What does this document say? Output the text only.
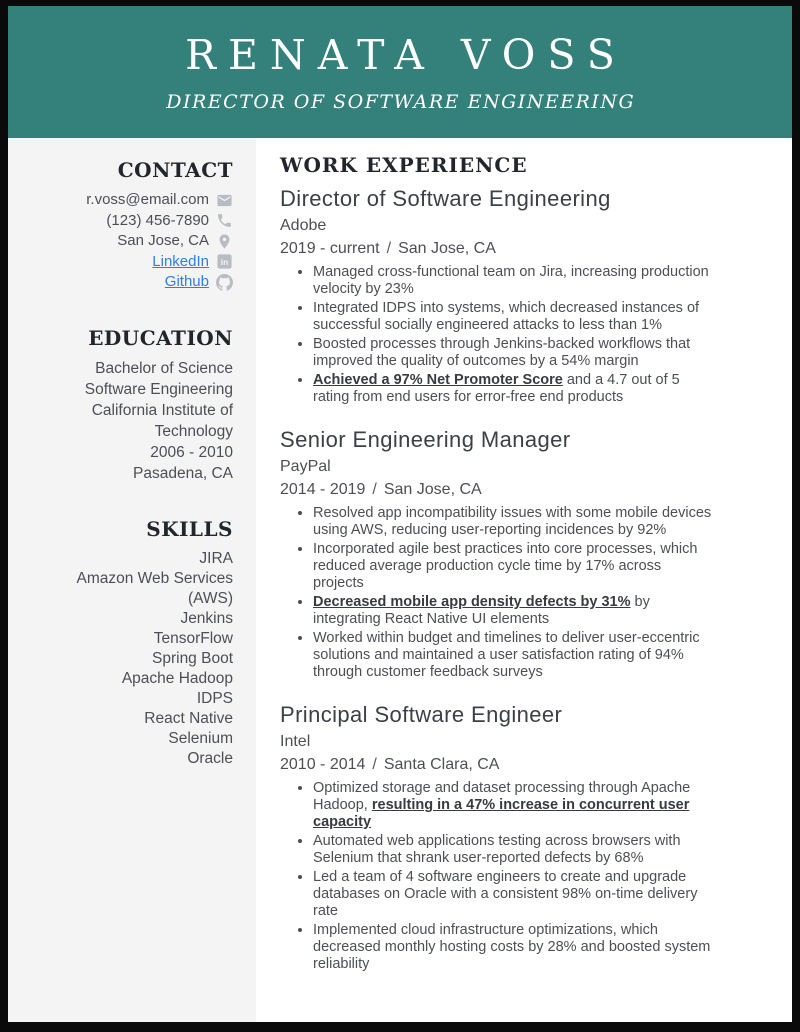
RENATA VOSS
DIRECTOR OF SOFTWARE ENGINEERING
CONTACT
r.voss@email.com
(123) 456-7890
San Jose, CA
LinkedIn in
Github
EDUCATION
Bachelor of Science
Software Engineering
California Institute of Technology
2006 - 2010
Pasadena, CA
SKILLS
JIRA
Amazon Web Services (AWS)
Jenkins
TensorFlow
Spring Boot
Apache Hadoop
IDPS
React Native
Selenium
Oracle
WORK EXPERIENCE
Director of Software Engineering
Adobe
2019 - current / San Jose, CA
• Managed cross-functional team on Jira, increasing production velocity by 23%
• Integrated IDPS into systems, which decreased instances of successful socially engineered attacks to less than 1%
• Boosted processes through Jenkins-backed workflows that improved the quality of outcomes by a 54% margin
• Achieved a 97% Net Promoter Score and a 4.7 out of 5 rating from end users for error-free end products
Senior Engineering Manager
PayPal
2014 - 2019 / San Jose, CA
• Resolved app incompatibility issues with some mobile devices using AWS, reducing user-reporting incidences by 92%
• Incorporated agile best practices into core processes, which reduced average production cycle time by 17% across projects
• Decreased mobile app density defects by 31% by integrating React Native UI elements
• Worked within budget and timelines to deliver user-eccentric solutions and maintained a user satisfaction rating of 94% through customer feedback surveys
Principal Software Engineer
Intel
2010 - 2014 / Santa Clara, CA
• Optimized storage and dataset processing through Apache Hadoop, resulting in a 47% increase in concurrent user capacity
• Automated web applications testing across browsers with Selenium that shrank user-reported defects by 68%
• Led a team of 4 software engineers to create and upgrade databases on Oracle with a consistent 98% on-time delivery rate
• Implemented cloud infrastructure optimizations, which decreased monthly hosting costs by 28% and boosted system reliability
